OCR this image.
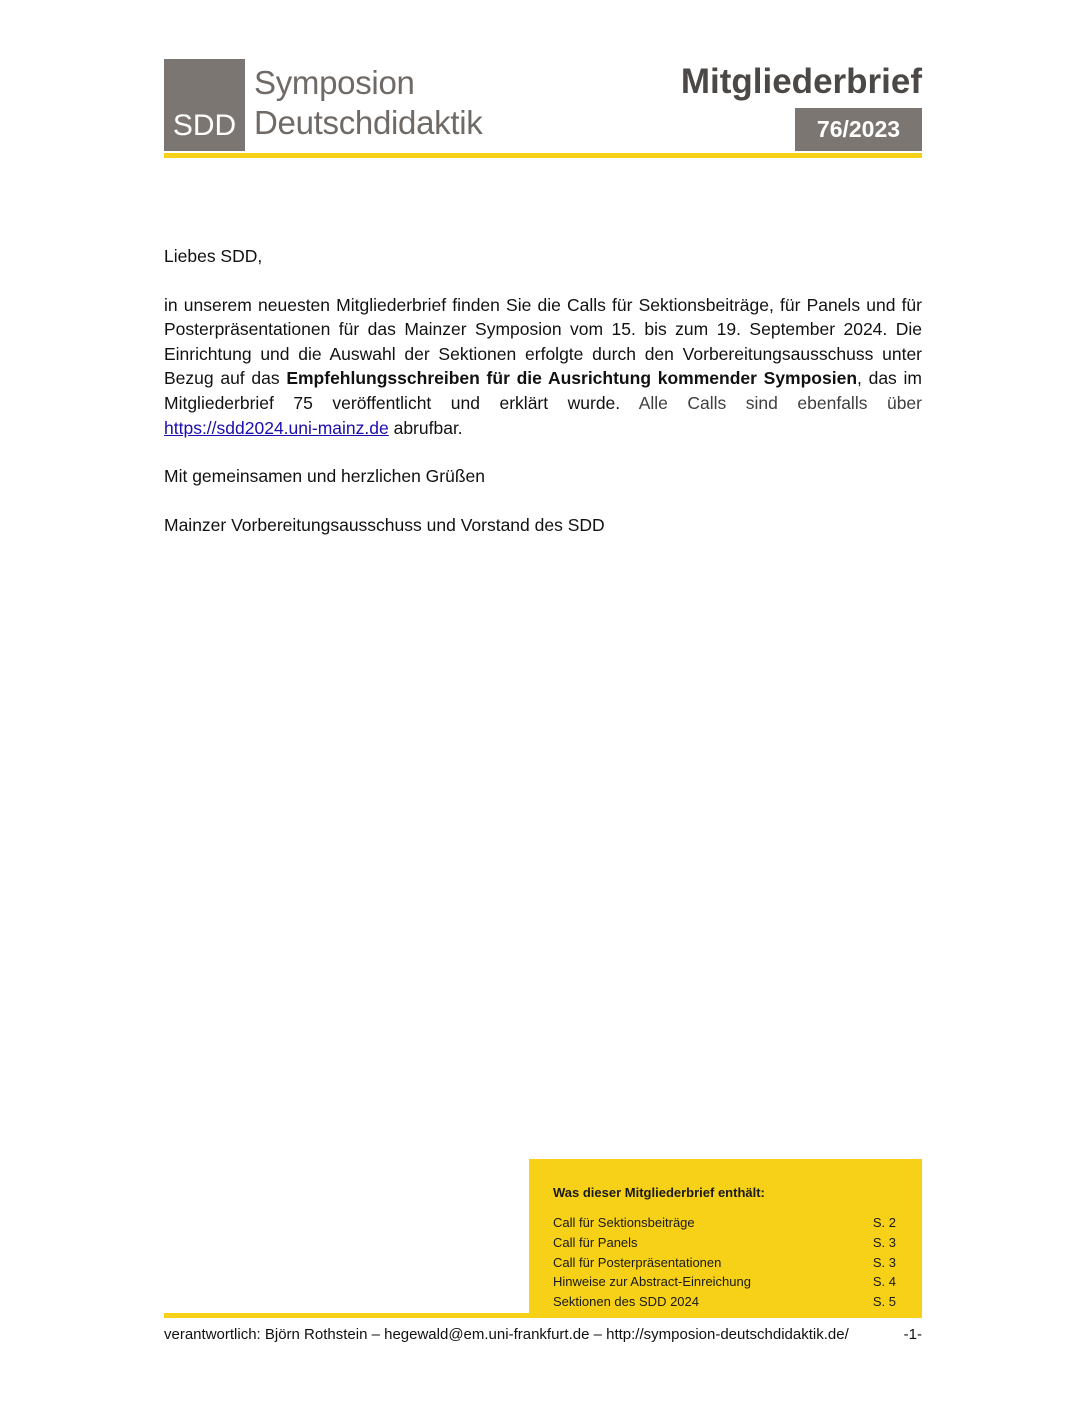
SDD
Symposion
Deutschdidaktik
Mitgliederbrief
76/2023

Liebes SDD,

in unserem neuesten Mitgliederbrief finden Sie die Calls für Sektionsbeiträge, für Panels und für Posterpräsentationen für das Mainzer Symposion vom 15. bis zum 19. September 2024. Die Einrichtung und die Auswahl der Sektionen erfolgte durch den Vorbereitungsausschuss unter Bezug auf das Empfehlungsschreiben für die Ausrichtung kommender Symposien, das im Mitgliederbrief 75 veröffentlicht und erklärt wurde. Alle Calls sind ebenfalls über https://sdd2024.uni-mainz.de abrufbar.

Mit gemeinsamen und herzlichen Grüßen

Mainzer Vorbereitungsausschuss und Vorstand des SDD

Was dieser Mitgliederbrief enthält:
Call für Sektionsbeiträge	S. 2
Call für Panels	S. 3
Call für Posterpräsentationen	S. 3
Hinweise zur Abstract-Einreichung	S. 4
Sektionen des SDD 2024	S. 5
verantwortlich: Björn Rothstein – hegewald@em.uni-frankfurt.de – http://symposion-deutschdidaktik.de/	-1-
